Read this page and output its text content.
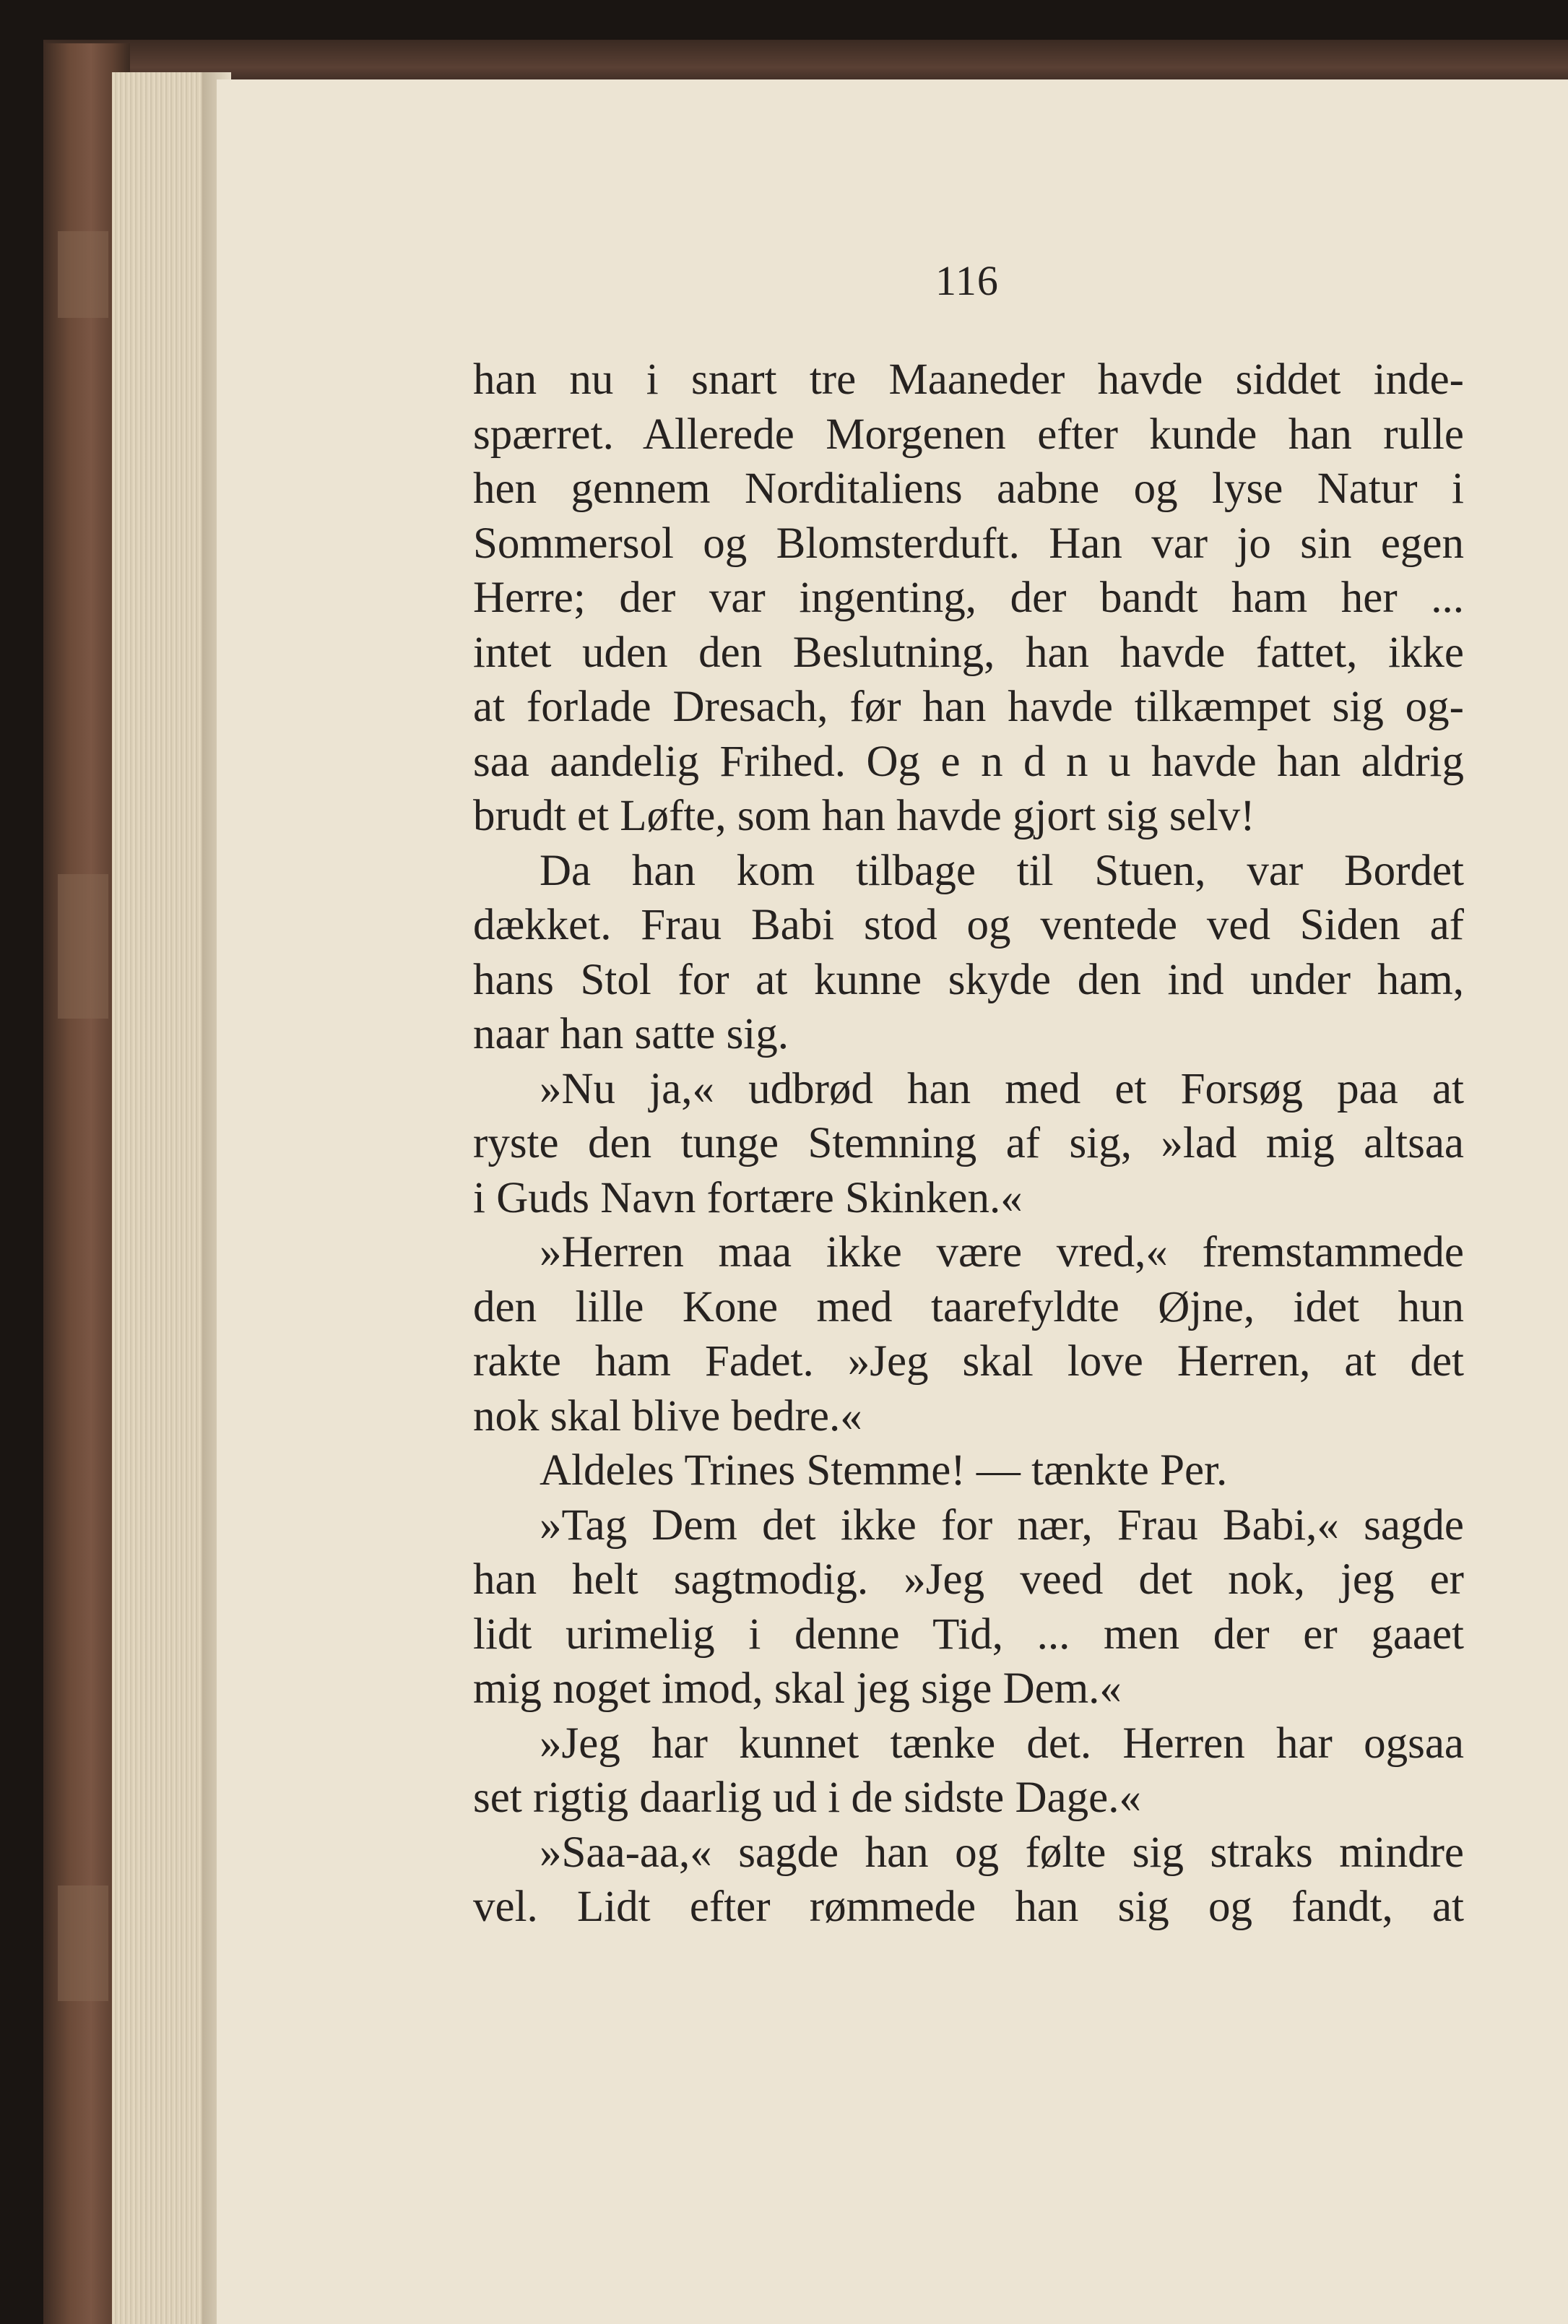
116
han nu i snart tre Maaneder havde siddet inde-
spærret. Allerede Morgenen efter kunde han rulle
hen gennem Norditaliens aabne og lyse Natur i
Sommersol og Blomsterduft. Han var jo sin egen
Herre; der var ingenting, der bandt ham her ...
intet uden den Beslutning, han havde fattet, ikke
at forlade Dresach, før han havde tilkæmpet sig og-
saa aandelig Frihed. Og e n d n u havde han aldrig
brudt et Løfte, som han havde gjort sig selv!
Da han kom tilbage til Stuen, var Bordet
dækket. Frau Babi stod og ventede ved Siden af
hans Stol for at kunne skyde den ind under ham,
naar han satte sig.
»Nu ja,« udbrød han med et Forsøg paa at
ryste den tunge Stemning af sig, »lad mig altsaa
i Guds Navn fortære Skinken.«
»Herren maa ikke være vred,« fremstammede
den lille Kone med taarefyldte Øjne, idet hun
rakte ham Fadet. »Jeg skal love Herren, at det
nok skal blive bedre.«
Aldeles Trines Stemme! — tænkte Per.
»Tag Dem det ikke for nær, Frau Babi,« sagde
han helt sagtmodig. »Jeg veed det nok, jeg er
lidt urimelig i denne Tid, ... men der er gaaet
mig noget imod, skal jeg sige Dem.«
»Jeg har kunnet tænke det. Herren har ogsaa
set rigtig daarlig ud i de sidste Dage.«
»Saa-aa,« sagde han og følte sig straks mindre
vel. Lidt efter rømmede han sig og fandt, at
